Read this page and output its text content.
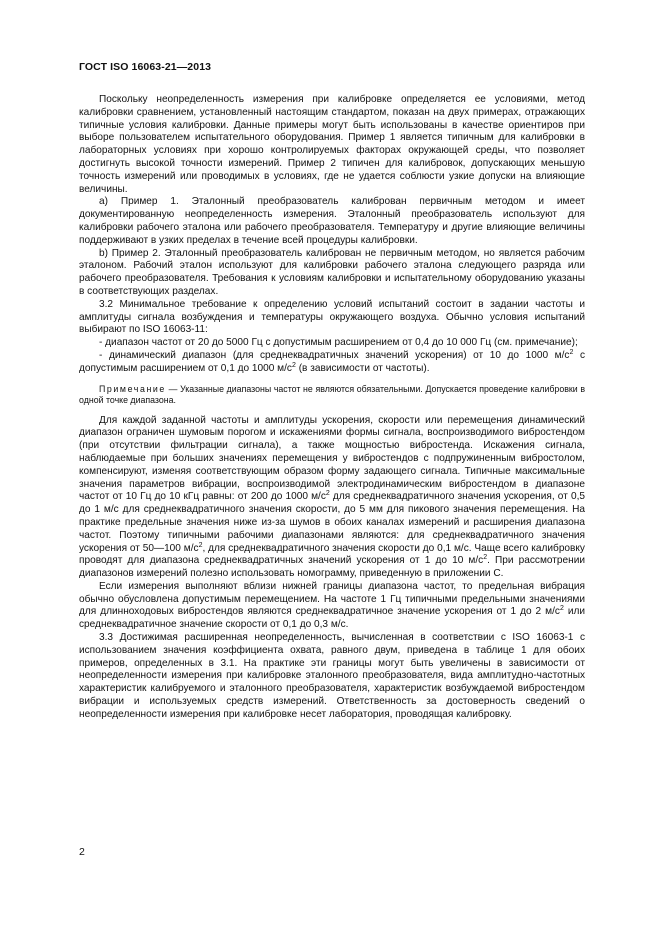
ГОСТ ISO 16063-21—2013

Поскольку неопределенность измерения при калибровке определяется ее условиями, метод калибровки сравнением, установленный настоящим стандартом, показан на двух примерах, отражающих типичные условия калибровки. Данные примеры могут быть использованы в качестве ориентиров при выборе пользователем испытательного оборудования. Пример 1 является типичным для калибровки в лабораторных условиях при хорошо контролируемых факторах окружающей среды, что позволяет достигнуть высокой точности измерений. Пример 2 типичен для калибровок, допускающих меньшую точность измерений или проводимых в условиях, где не удается соблюсти узкие допуски на влияющие величины.

a) Пример 1. Эталонный преобразователь калиброван первичным методом и имеет документированную неопределенность измерения. Эталонный преобразователь используют для калибровки рабочего эталона или рабочего преобразователя. Температуру и другие влияющие величины поддерживают в узких пределах в течение всей процедуры калибровки.

b) Пример 2. Эталонный преобразователь калиброван не первичным методом, но является рабочим эталоном. Рабочий эталон используют для калибровки рабочего эталона следующего разряда или рабочего преобразователя. Требования к условиям калибровки и испытательному оборудованию указаны в соответствующих разделах.

3.2 Минимальное требование к определению условий испытаний состоит в задании частоты и амплитуды сигнала возбуждения и температуры окружающего воздуха. Обычно условия испытаний выбирают по ISO 16063-11:

- диапазон частот от 20 до 5000 Гц с допустимым расширением от 0,4 до 10 000 Гц (см. примечание);

- динамический диапазон (для среднеквадратичных значений ускорения) от 10 до 1000 $м/с^2$ с допустимым расширением от 0,1 до 1000 $м/с^2$ (в зависимости от частоты).

Примечание — Указанные диапазоны частот не являются обязательными. Допускается проведение калибровки в одной точке диапазона.

Для каждой заданной частоты и амплитуды ускорения, скорости или перемещения динамический диапазон ограничен шумовым порогом и искажениями формы сигнала, воспроизводимого вибростендом (при отсутствии фильтрации сигнала), а также мощностью вибростенда. Искажения сигнала, наблюдаемые при больших значениях перемещения у вибростендов с подпружиненным вибростолом, компенсируют, изменяя соответствующим образом форму задающего сигнала. Типичные максимальные значения параметров вибрации, воспроизводимой электродинамическим вибростендом в диапазоне частот от 10 Гц до 10 кГц равны: от 200 до 1000 $м/с^2$ для среднеквадратичного значения ускорения, от 0,5 до 1 м/с для среднеквадратичного значения скорости, до 5 мм для пикового значения перемещения. На практике предельные значения ниже из-за шумов в обоих каналах измерений и расширения диапазона частот. Поэтому типичными рабочими диапазонами являются: для среднеквадратичного значения ускорения от 50—100 $м/с^2$, для среднеквадратичного значения скорости до 0,1 м/с. Чаще всего калибровку проводят для диапазона среднеквадратичных значений ускорения от 1 до 10 $м/с^2$. При рассмотрении диапазонов измерений полезно использовать номограмму, приведенную в приложении С.

Если измерения выполняют вблизи нижней границы диапазона частот, то предельная вибрация обычно обусловлена допустимым перемещением. На частоте 1 Гц типичными предельными значениями для длинноходовых вибростендов являются среднеквадратичное значение ускорения от 1 до 2 $м/с^2$ или среднеквадратичное значение скорости от 0,1 до 0,3 м/с.

3.3 Достижимая расширенная неопределенность, вычисленная в соответствии с ISO 16063-1 с использованием значения коэффициента охвата, равного двум, приведена в таблице 1 для обоих примеров, определенных в 3.1. На практике эти границы могут быть увеличены в зависимости от неопределенности измерения при калибровке эталонного преобразователя, вида амплитудно-частотных характеристик калибруемого и эталонного преобразователя, характеристик возбуждаемой вибростендом вибрации и используемых средств измерений. Ответственность за достоверность сведений о неопределенности измерения при калибровке несет лаборатория, проводящая калибровку.

2
